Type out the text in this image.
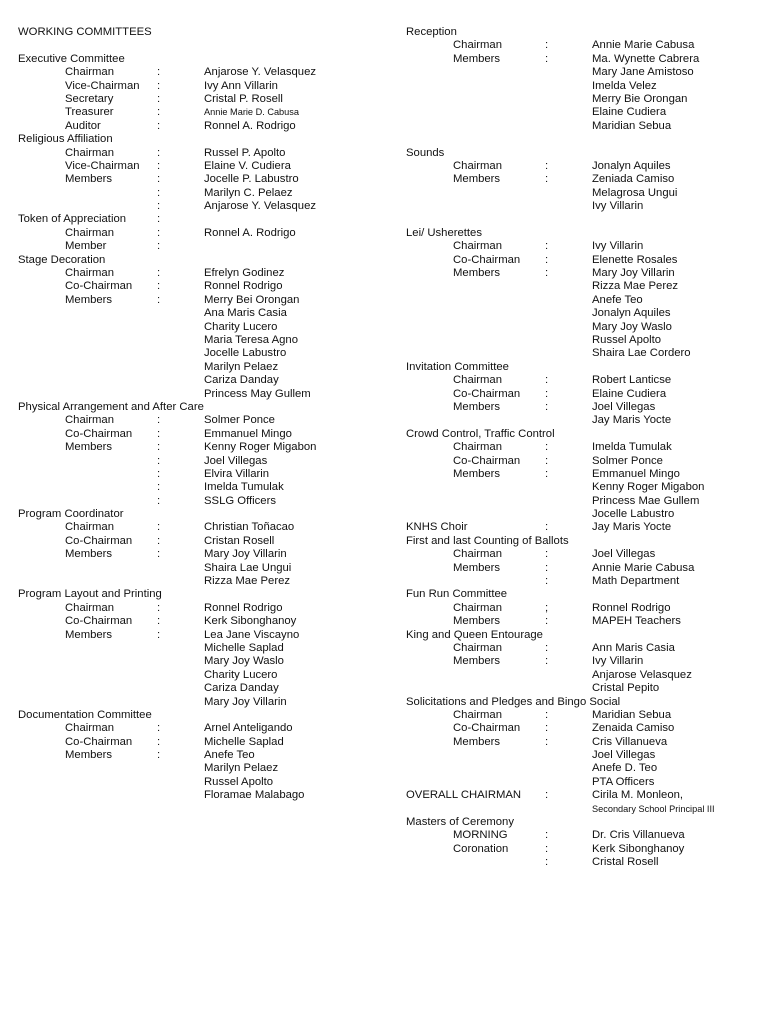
WORKING COMMITTEES
Executive Committee
Chairman	:	Anjarose Y. Velasquez
Vice-Chairman :	Ivy Ann Villarin
Secretary	:	Cristal P. Rosell
Treasurer	:	Annie Marie D. Cabusa
Auditor	:	Ronnel A. Rodrigo
Religious Affiliation
Chairman	:	Russel P. Apolto
Vice-Chairman :	Elaine V. Cudiera
Members	:	Jocelle P. Labustro
:	Marilyn C. Pelaez
:	Anjarose Y. Velasquez
Token of Appreciation	:
Chairman	:	Ronnel A. Rodrigo
Member	:
Stage Decoration
Chairman	:	Efrelyn Godinez
Co-Chairman :	Ronnel Rodrigo
Members	:	Merry Bei Orongan
Ana Maris Casia
Charity Lucero
Maria Teresa Agno
Jocelle Labustro
Marilyn Pelaez
Cariza Danday
Princess May Gullem
Physical Arrangement and After Care
Chairman	:	Solmer Ponce
Co-Chairman :	Emmanuel Mingo
Members	:	Kenny Roger Migabon
:	Joel Villegas
:	Elvira Villarin
:	Imelda Tumulak
:	SSLG Officers
Program Coordinator
Chairman	:	Christian Toñacao
Co-Chairman :	Cristan Rosell
Members	:	Mary Joy Villarin
Shaira Lae Ungui
Rizza Mae Perez
Program Layout and Printing
Chairman	:	Ronnel Rodrigo
Co-Chairman :	Kerk Sibonghanoy
Members	:	Lea Jane Viscayno
Michelle Saplad
Mary Joy Waslo
Charity Lucero
Cariza Danday
Mary Joy Villarin
Documentation Committee
Chairman	:	Arnel Anteligando
Co-Chairman :	Michelle Saplad
Members	:	Anefe Teo
Marilyn Pelaez
Russel Apolto
Floramae Malabago
Reception
Chairman	:	Annie Marie Cabusa
Members	:	Ma. Wynette Cabrera
Mary Jane Amistoso
Imelda Velez
Merry Bie Orongan
Elaine Cudiera
Maridian Sebua
Sounds
Chairman	:	Jonalyn Aquiles
Members	:	Zeniada Camiso
Melagrosa Ungui
Ivy Villarin
Lei/ Usherettes
Chairman	:	Ivy Villarin
Co-Chairman :	Elenette Rosales
Members	:	Mary Joy Villarin
Rizza Mae Perez
Anefe Teo
Jonalyn Aquiles
Mary Joy Waslo
Russel Apolto
Shaira Lae Cordero
Invitation Committee
Chairman	:	Robert Lanticse
Co-Chairman :	Elaine Cudiera
Members	:	Joel Villegas
Jay Maris Yocte
Crowd Control, Traffic Control
Chairman	:	Imelda Tumulak
Co-Chairman :	Solmer Ponce
Members	:	Emmanuel Mingo
Kenny Roger Migabon
Princess Mae Gullem
Jocelle Labustro
KNHS Choir	:	Jay Maris Yocte
First and last Counting of Ballots
Chairman	:	Joel Villegas
Members	:	Annie Marie Cabusa
:	Math Department
Fun Run Committee
Chairman	;	Ronnel Rodrigo
Members	:	MAPEH Teachers
King and Queen Entourage
Chairman	:	Ann Maris Casia
Members	:	Ivy Villarin
Anjarose Velasquez
Cristal Pepito
Solicitations and Pledges and Bingo Social
Chairman	:	Maridian Sebua
Co-Chairman :	Zenaida Camiso
Members	:	Cris Villanueva
Joel Villegas
Anefe D. Teo
PTA Officers
OVERALL CHAIRMAN :	Cirila M. Monleon,
Secondary School Principal III
Masters of Ceremony
MORNING	:	Dr. Cris Villanueva
Coronation	:	Kerk Sibonghanoy
:	Cristal Rosell
